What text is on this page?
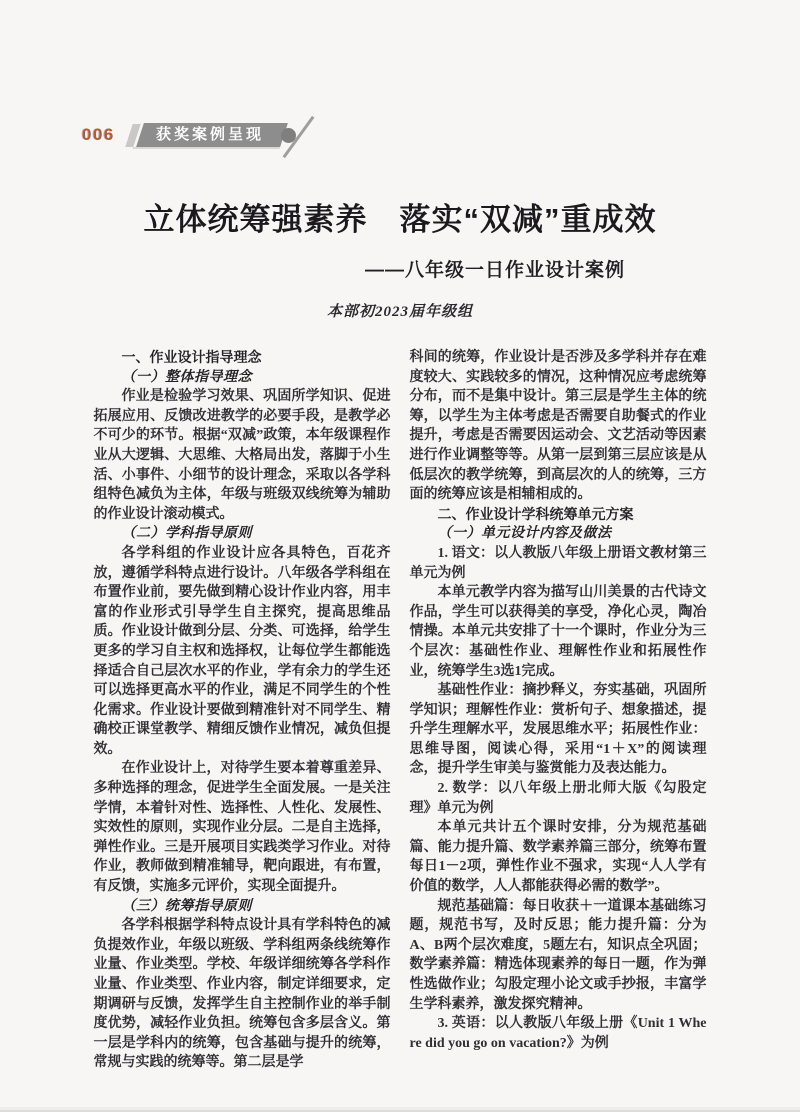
006	获奖案例呈现
立体统筹强素养　落实“双减”重成效

——八年级一日作业设计案例

本部初2023届年级组

一、作业设计指导理念
（一）整体指导理念

作业是检验学习效果、巩固所学知识、促进拓展应用、反馈改进教学的必要手段，是教学必不可少的环节。根据“双减”政策，本年级课程作业从大逻辑、大思维、大格局出发，落脚于小生活、小事件、小细节的设计理念，采取以各学科组特色减负为主体，年级与班级双线统筹为辅助的作业设计滚动模式。

（二）学科指导原则

各学科组的作业设计应各具特色，百花齐放，遵循学科特点进行设计。八年级各学科组在布置作业前，要先做到精心设计作业内容，用丰富的作业形式引导学生自主探究，提高思维品质。作业设计做到分层、分类、可选择，给学生更多的学习自主权和选择权，让每位学生都能选择适合自己层次水平的作业，学有余力的学生还可以选择更高水平的作业，满足不同学生的个性化需求。作业设计要做到精准针对不同学生、精确校正课堂教学、精细反馈作业情况，减负但提效。

在作业设计上，对待学生要本着尊重差异、多种选择的理念，促进学生全面发展。一是关注学情，本着针对性、选择性、人性化、发展性、实效性的原则，实现作业分层。二是自主选择，弹性作业。三是开展项目实践类学习作业。对待作业，教师做到精准辅导，靶向跟进，有布置，有反馈，实施多元评价，实现全面提升。

（三）统筹指导原则

各学科根据学科特点设计具有学科特色的减负提效作业，年级以班级、学科组两条线统筹作业量、作业类型。学校、年级详细统筹各学科作业量、作业类型、作业内容，制定详细要求，定期调研与反馈，发挥学生自主控制作业的举手制度优势，减轻作业负担。统筹包含多层含义。第一层是学科内的统筹，包含基础与提升的统筹，常规与实践的统筹等。第二层是学

科间的统筹，作业设计是否涉及多学科并存在难度较大、实践较多的情况，这种情况应考虑统筹分布，而不是集中设计。第三层是学生主体的统筹，以学生为主体考虑是否需要自助餐式的作业提升，考虑是否需要因运动会、文艺活动等因素进行作业调整等等。从第一层到第三层应该是从低层次的教学统筹，到高层次的人的统筹，三方面的统筹应该是相辅相成的。

二、作业设计学科统筹单元方案
（一）单元设计内容及做法

1. 语文：以人教版八年级上册语文教材第三单元为例

本单元教学内容为描写山川美景的古代诗文作品，学生可以获得美的享受，净化心灵，陶冶情操。本单元共安排了十一个课时，作业分为三个层次：基础性作业、理解性作业和拓展性作业，统筹学生3选1完成。

基础性作业：摘抄释义，夯实基础，巩固所学知识；理解性作业：赏析句子、想象描述，提升学生理解水平，发展思维水平；拓展性作业：思维导图，阅读心得，采用“1＋X”的阅读理念，提升学生审美与鉴赏能力及表达能力。

2. 数学：以八年级上册北师大版《勾股定理》单元为例

本单元共计五个课时安排，分为规范基础篇、能力提升篇、数学素养篇三部分，统筹布置每日1－2项，弹性作业不强求，实现“人人学有价值的数学，人人都能获得必需的数学”。

规范基础篇：每日收获＋一道课本基础练习题，规范书写，及时反思；能力提升篇：分为A、B两个层次难度，5题左右，知识点全巩固；数学素养篇：精选体现素养的每日一题，作为弹性选做作业；勾股定理小论文或手抄报，丰富学生学科素养，激发探究精神。

3. 英语：以人教版八年级上册《Unit 1 Where did you go on vacation?》为例
